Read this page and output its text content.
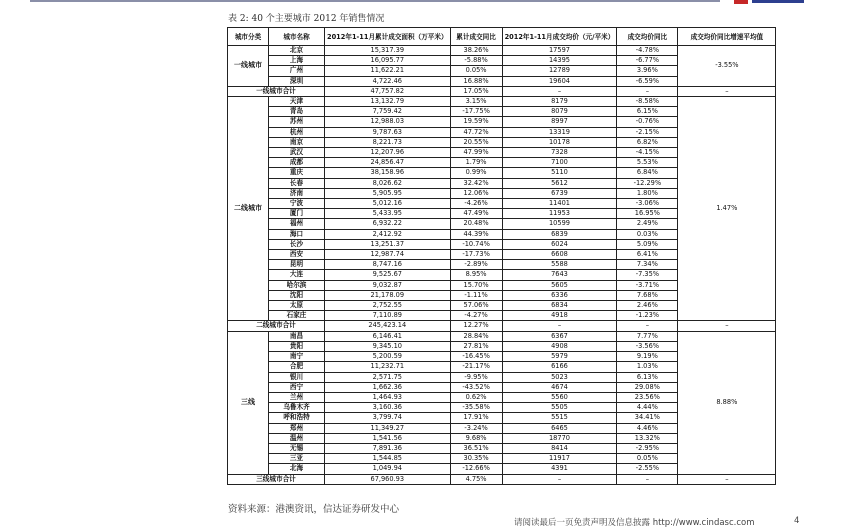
表 2: 40 个主要城市 2012 年销售情况
城市分类	城市名称	2012年1-11月累计成交面积（万平米）	累计成交同比	2012年1-11月成交均价（元/平米）	成交均价同比	成交均价同比增速平均值
一线城市	北京	15,317.39	38.26%	17597	-4.78%	-3.55%
	上海	16,095.77	-5.88%	14395	-6.77%	
	广州	11,622.21	0.05%	12789	3.96%	
	深圳	4,722.46	16.88%	19604	-6.59%	
一线城市合计		47,757.82	17.05%	–	–	–
二线城市	天津	13,132.79	3.15%	8179	-8.58%	1.47%
	青岛	7,759.42	-17.75%	8079	6.15%	
	苏州	12,988.03	19.59%	8997	-0.76%	
	杭州	9,787.63	47.72%	13319	-2.15%	
	南京	8,221.73	20.55%	10178	6.82%	
	武汉	12,207.96	47.99%	7328	-4.15%	
	成都	24,856.47	1.79%	7100	5.53%	
	重庆	38,158.96	0.99%	5110	6.84%	
	长春	8,026.62	32.42%	5612	-12.29%	
	济南	5,905.95	12.06%	6739	1.80%	
	宁波	5,012.16	-4.26%	11401	-3.06%	
	厦门	5,433.95	47.49%	11953	16.95%	
	福州	6,932.22	20.48%	10599	2.49%	
	海口	2,412.92	44.39%	6839	0.03%	
	长沙	13,251.37	-10.74%	6024	5.09%	
	西安	12,987.74	-17.73%	6608	6.41%	
	昆明	8,747.16	-2.89%	5588	7.34%	
	大连	9,525.67	8.95%	7643	-7.35%	
	哈尔滨	9,032.87	15.70%	5605	-3.71%	
	沈阳	21,178.09	-1.11%	6336	7.68%	
	太原	2,752.55	57.06%	6834	2.46%	
	石家庄	7,110.89	-4.27%	4918	-1.23%	
二线城市合计		245,423.14	12.27%	–	–	–
三线	南昌	6,146.41	28.84%	6367	7.77%	8.88%
	贵阳	9,345.10	27.81%	4908	-3.56%	
	南宁	5,200.59	-16.45%	5979	9.19%	
	合肥	11,232.71	-21.17%	6166	1.03%	
	银川	2,571.75	-9.95%	5023	6.13%	
	西宁	1,662.36	-43.52%	4674	29.08%	
	兰州	1,464.93	0.62%	5560	23.56%	
	乌鲁木齐	3,160.36	-35.58%	5505	4.44%	
	呼和浩特	3,799.74	17.91%	5515	34.41%	
	郑州	11,349.27	-3.24%	6465	4.46%	
	温州	1,541.56	9.68%	18770	13.32%	
	无锡	7,891.36	36.51%	8414	-2.95%	
	三亚	1,544.85	30.35%	11917	0.05%	
	北海	1,049.94	-12.66%	4391	-2.55%	
三线城市合计		67,960.93	4.75%	–	–	–
资料来源：港澳资讯，信达证券研发中心
请阅读最后一页免责声明及信息披露 http://www.cindasc.com	4
